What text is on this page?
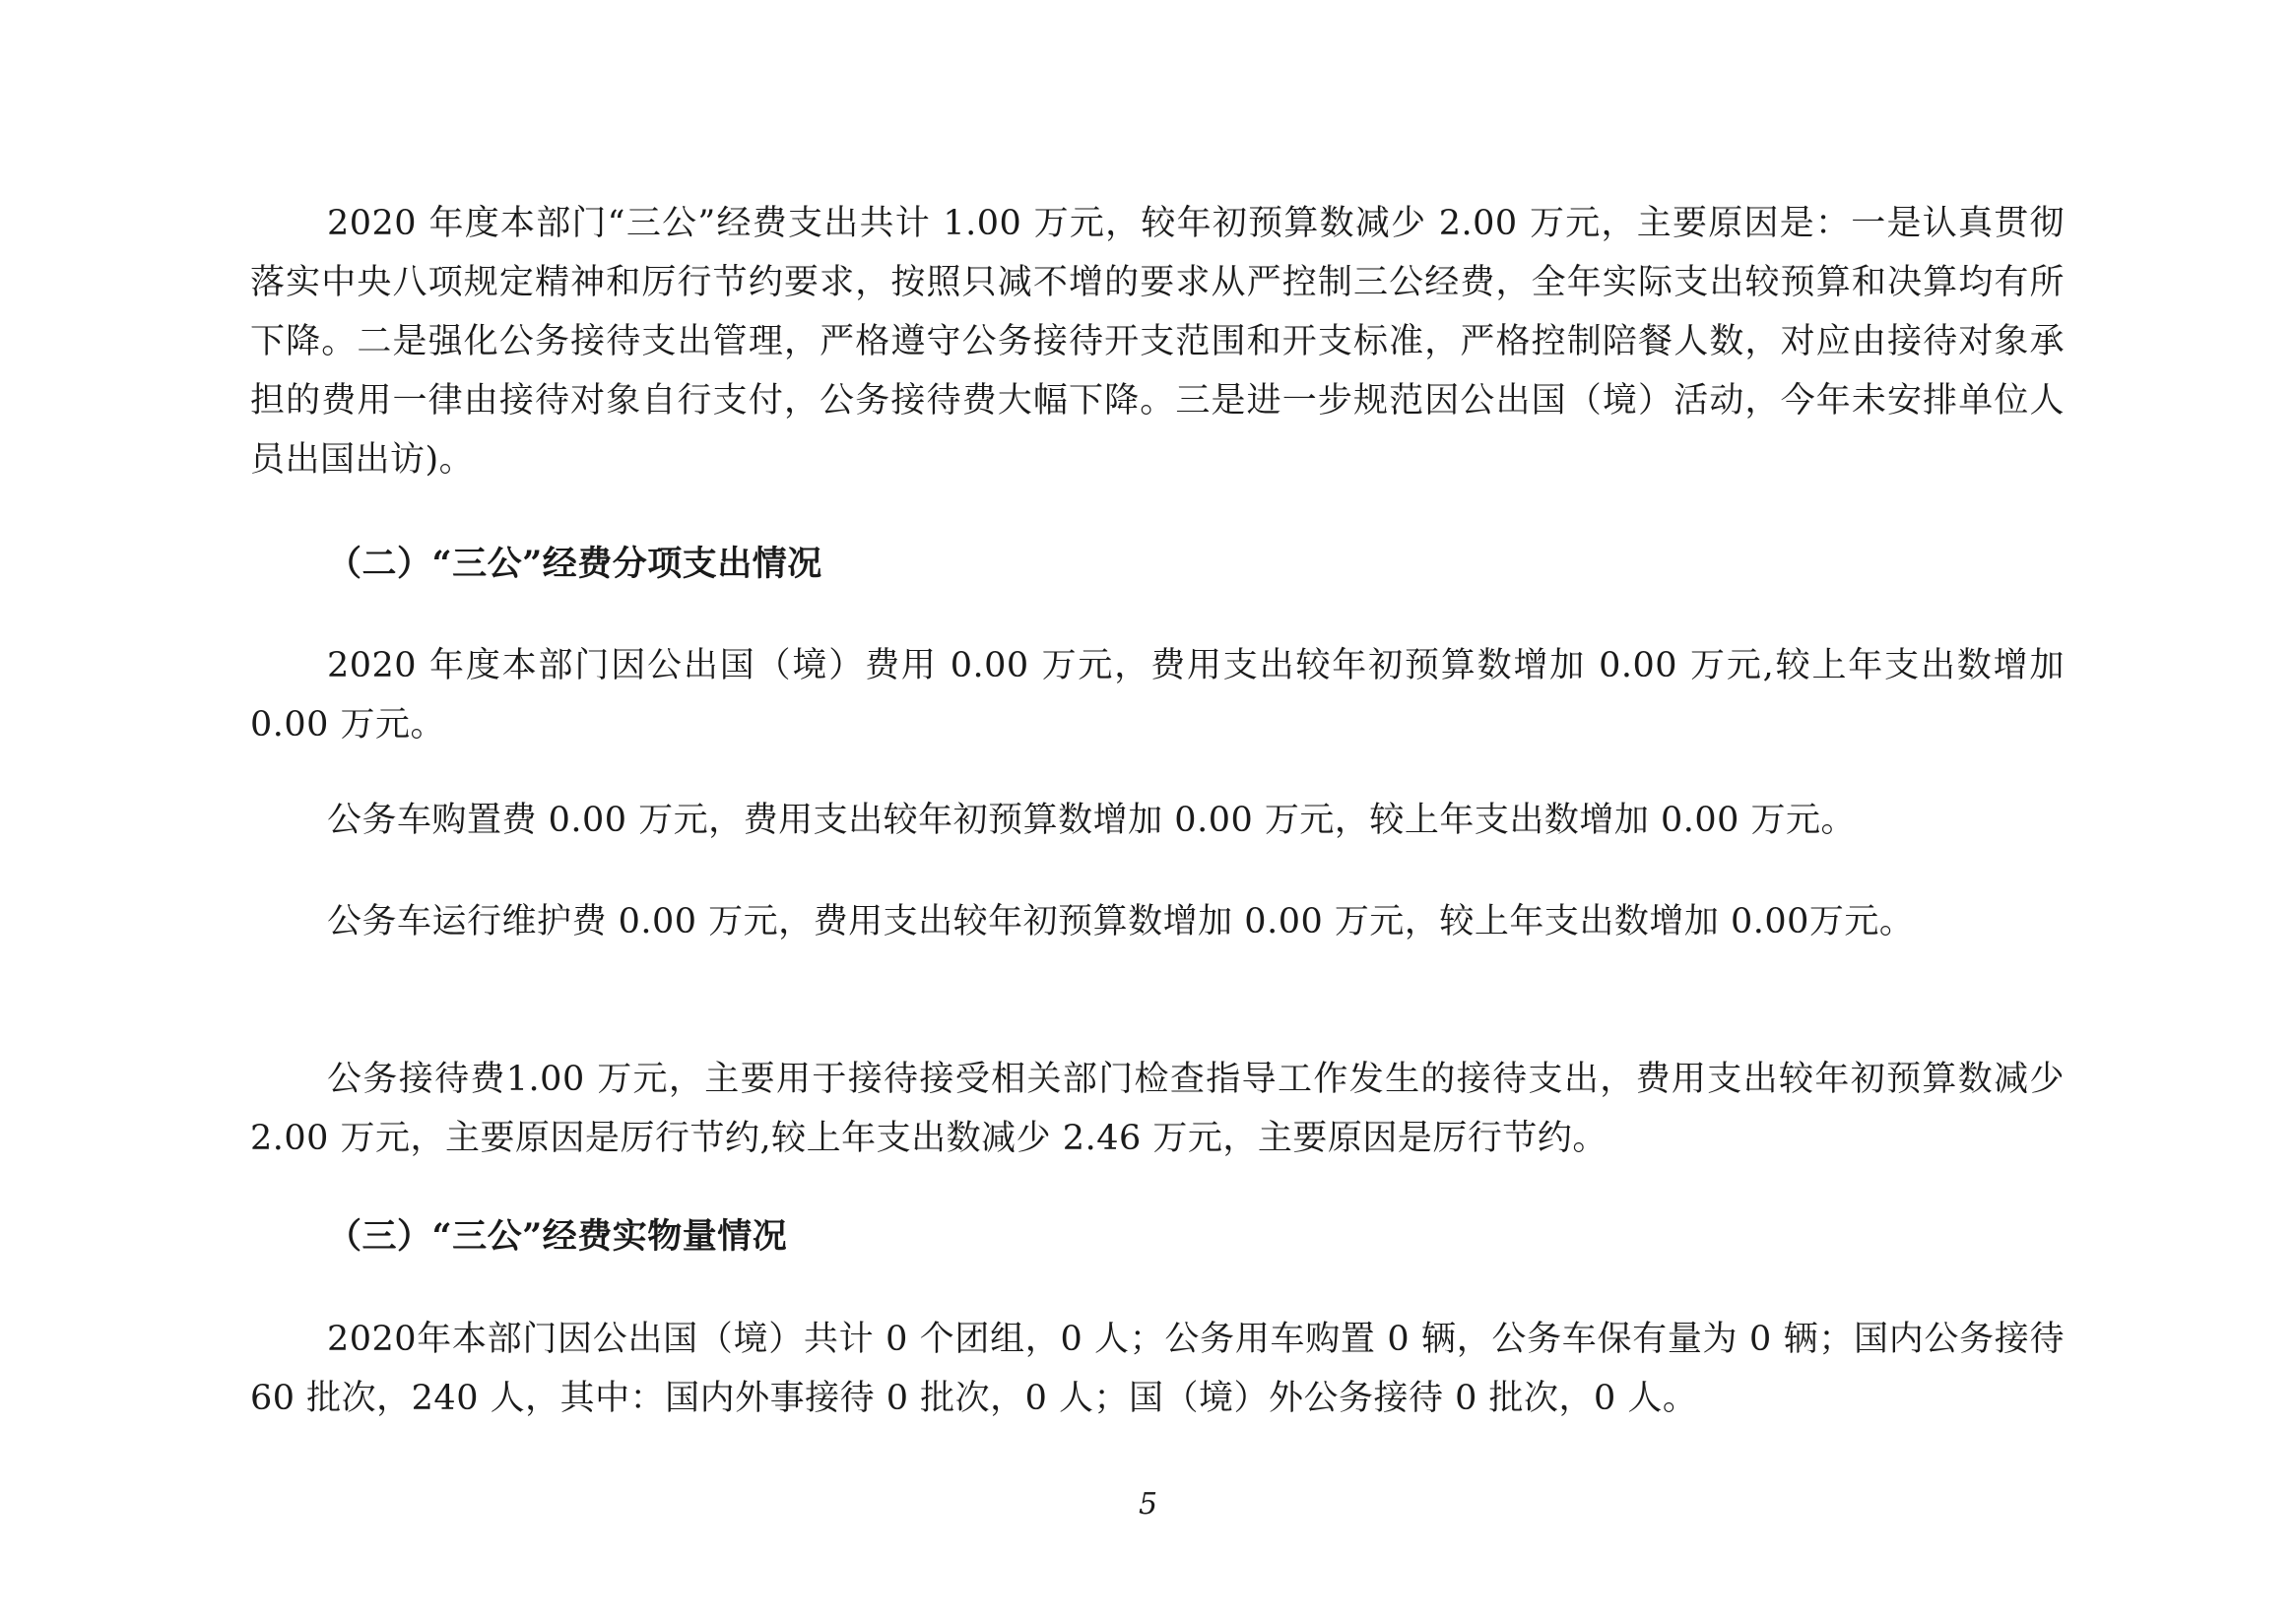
2020 年度本部门“三公”经费支出共计 1.00 万元，较年初预算数减少 2.00 万元，主要原因是：一是认真贯彻落实中央八项规定精神和厉行节约要求，按照只减不增的要求从严控制三公经费，全年实际支出较预算和决算均有所下降。二是强化公务接待支出管理，严格遵守公务接待开支范围和开支标准，严格控制陪餐人数，对应由接待对象承担的费用一律由接待对象自行支付，公务接待费大幅下降。三是进一步规范因公出国（境）活动，今年未安排单位人员出国出访)。

（二）“三公”经费分项支出情况

2020 年度本部门因公出国（境）费用 0.00 万元，费用支出较年初预算数增加 0.00 万元,较上年支出数增加 0.00 万元。

公务车购置费 0.00 万元，费用支出较年初预算数增加 0.00 万元，较上年支出数增加 0.00 万元。

公务车运行维护费 0.00 万元，费用支出较年初预算数增加 0.00 万元，较上年支出数增加 0.00万元。

公务接待费1.00 万元，主要用于接待接受相关部门检查指导工作发生的接待支出，费用支出较年初预算数减少2.00 万元，主要原因是厉行节约,较上年支出数减少 2.46 万元，主要原因是厉行节约。

（三）“三公”经费实物量情况

2020年本部门因公出国（境）共计 0 个团组，0 人；公务用车购置 0 辆，公务车保有量为 0 辆；国内公务接待60 批次，240 人，其中：国内外事接待 0 批次，0 人；国（境）外公务接待 0 批次，0 人。

5
